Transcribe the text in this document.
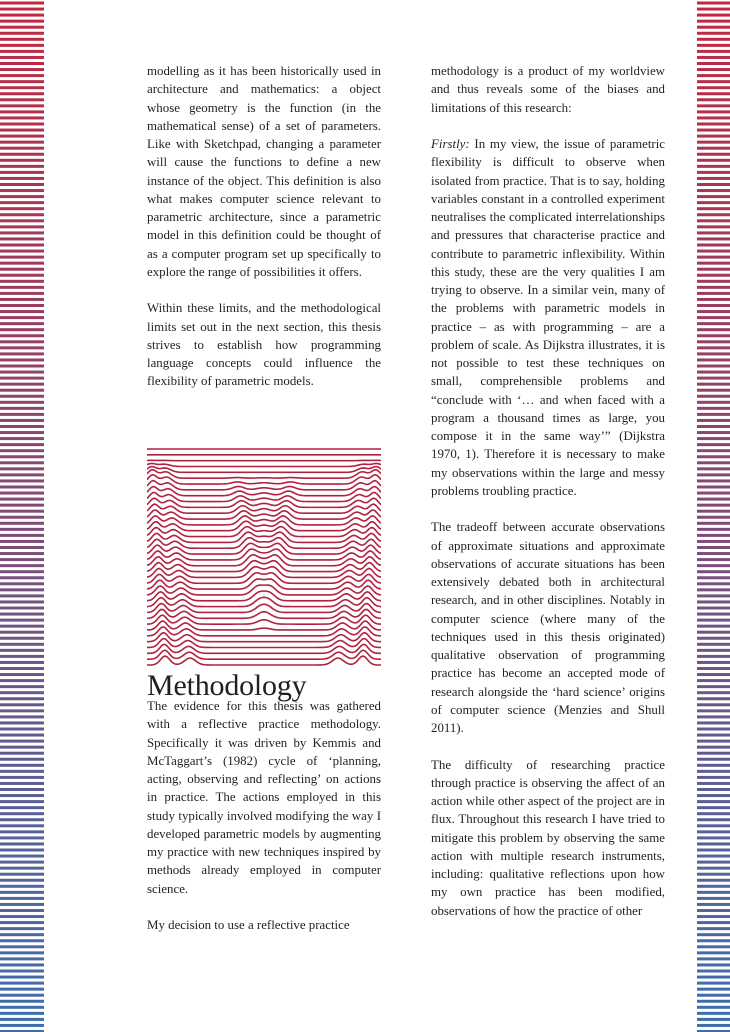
modelling as it has been historically used in architecture and mathematics: a object whose geometry is the function (in the mathematical sense) of a set of parameters. Like with Sketchpad, changing a parameter will cause the functions to define a new instance of the object. This definition is also what makes computer science relevant to parametric architecture, since a parametric model in this definition could be thought of as a computer program set up specifically to explore the range of possibilities it offers.

Within these limits, and the methodological limits set out in the next section, this thesis strives to establish how programming language concepts could influence the flexibility of parametric models.

Methodology

The evidence for this thesis was gathered with a reflective practice methodology. Specifically it was driven by Kemmis and McTaggart’s (1982) cycle of ‘planning, acting, observing and reflecting’ on actions in practice. The actions employed in this study typically involved modifying the way I developed parametric models by augmenting my practice with new techniques inspired by methods already employed in computer science.

My decision to use a reflective practice

methodology is a product of my worldview and thus reveals some of the biases and limitations of this research:

Firstly: In my view, the issue of parametric flexibility is difficult to observe when isolated from practice. That is to say, holding variables constant in a controlled experiment neutralises the complicated interrelationships and pressures that characterise practice and contribute to parametric inflexibility. Within this study, these are the very qualities I am trying to observe. In a similar vein, many of the problems with parametric models in practice – as with programming – are a problem of scale. As Dijkstra illustrates, it is not possible to test these techniques on small, comprehensible problems and “conclude with ‘… and when faced with a program a thousand times as large, you compose it in the same way’” (Dijkstra 1970, 1). Therefore it is necessary to make my observations within the large and messy problems troubling practice.

The tradeoff between accurate observations of approximate situations and approximate observations of accurate situations has been extensively debated both in architectural research, and in other disciplines. Notably in computer science (where many of the techniques used in this thesis originated) qualitative observation of programming practice has become an accepted mode of research alongside the ‘hard science’ origins of computer science (Menzies and Shull 2011).

The difficulty of researching practice through practice is observing the affect of an action while other aspect of the project are in flux. Throughout this research I have tried to mitigate this problem by observing the same action with multiple research instruments, including: qualitative reflections upon how my own practice has been modified, observations of how the practice of other
